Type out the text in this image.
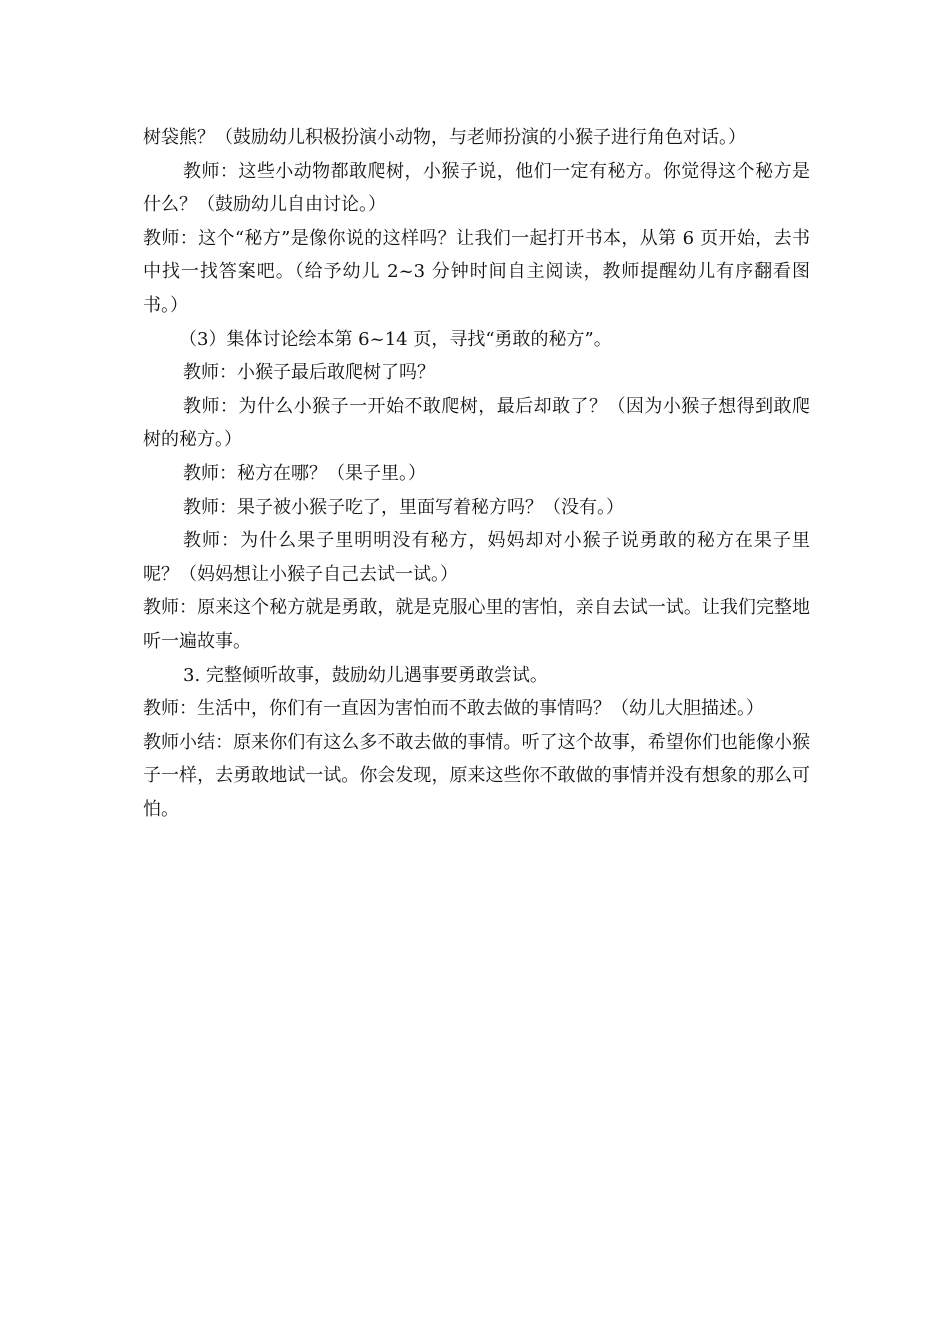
树袋熊？（鼓励幼儿积极扮演小动物，与老师扮演的小猴子进行角色对话。）

教师：这些小动物都敢爬树，小猴子说，他们一定有秘方。你觉得这个秘方是什么？（鼓励幼儿自由讨论。）

教师：这个“秘方”是像你说的这样吗？让我们一起打开书本，从第 6 页开始，去书中找一找答案吧。（给予幼儿 2~3 分钟时间自主阅读，教师提醒幼儿有序翻看图书。）

（3）集体讨论绘本第 6~14 页，寻找“勇敢的秘方”。

教师：小猴子最后敢爬树了吗？

教师：为什么小猴子一开始不敢爬树，最后却敢了？（因为小猴子想得到敢爬树的秘方。）

教师：秘方在哪？（果子里。）

教师：果子被小猴子吃了，里面写着秘方吗？（没有。）

教师：为什么果子里明明没有秘方，妈妈却对小猴子说勇敢的秘方在果子里呢？（妈妈想让小猴子自己去试一试。）

教师：原来这个秘方就是勇敢，就是克服心里的害怕，亲自去试一试。让我们完整地听一遍故事。

3. 完整倾听故事，鼓励幼儿遇事要勇敢尝试。

教师：生活中，你们有一直因为害怕而不敢去做的事情吗？（幼儿大胆描述。）

教师小结：原来你们有这么多不敢去做的事情。听了这个故事，希望你们也能像小猴子一样，去勇敢地试一试。你会发现，原来这些你不敢做的事情并没有想象的那么可怕。
